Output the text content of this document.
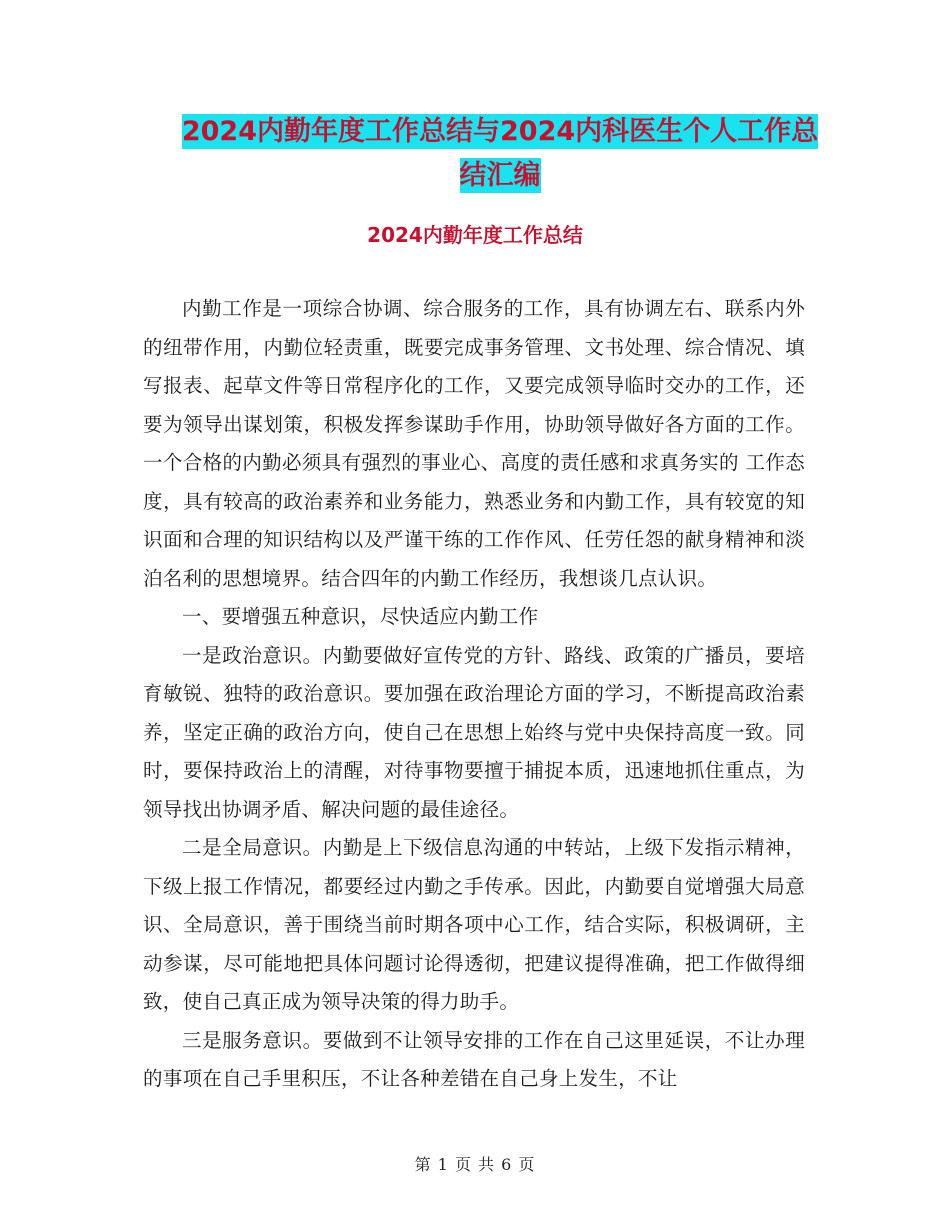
2024内勤年度工作总结与2024内科医生个人工作总结汇编
2024内勤年度工作总结

内勤工作是一项综合协调、综合服务的工作，具有协调左右、联系内外的纽带作用，内勤位轻责重，既要完成事务管理、文书处理、综合情况、填写报表、起草文件等日常程序化的工作，又要完成领导临时交办的工作，还要为领导出谋划策，积极发挥参谋助手作用，协助领导做好各方面的工作。一个合格的内勤必须具有强烈的事业心、高度的责任感和求真务实的 工作态度，具有较高的政治素养和业务能力，熟悉业务和内勤工作，具有较宽的知识面和合理的知识结构以及严谨干练的工作作风、任劳任怨的献身精神和淡泊名利的思想境界。结合四年的内勤工作经历，我想谈几点认识。

一、要增强五种意识，尽快适应内勤工作

一是政治意识。内勤要做好宣传党的方针、路线、政策的广播员，要培育敏锐、独特的政治意识。要加强在政治理论方面的学习，不断提高政治素养，坚定正确的政治方向，使自己在思想上始终与党中央保持高度一致。同时，要保持政治上的清醒，对待事物要擅于捕捉本质，迅速地抓住重点，为领导找出协调矛盾、解决问题的最佳途径。

二是全局意识。内勤是上下级信息沟通的中转站，上级下发指示精神，下级上报工作情况，都要经过内勤之手传承。因此，内勤要自觉增强大局意识、全局意识，善于围绕当前时期各项中心工作，结合实际，积极调研，主动参谋，尽可能地把具体问题讨论得透彻，把建议提得准确，把工作做得细致，使自己真正成为领导决策的得力助手。

三是服务意识。要做到不让领导安排的工作在自己这里延误，不让办理的事项在自己手里积压，不让各种差错在自己身上发生，不让

第 1 页 共 6 页
